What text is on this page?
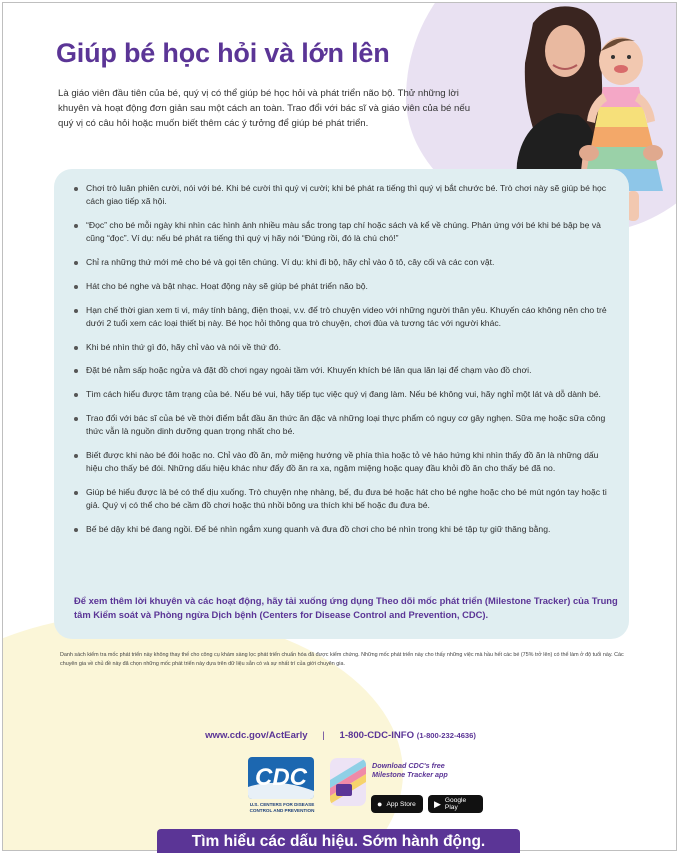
Giúp bé học hỏi và lớn lên

Là giáo viên đầu tiên của bé, quý vị có thể giúp bé học hỏi và phát triển não bộ. Thử những lời khuyên và hoạt động đơn giản sau một cách an toàn. Trao đổi với bác sĩ và giáo viên của bé nếu quý vị có câu hỏi hoặc muốn biết thêm các ý tưởng để giúp bé phát triển.

Chơi trò luân phiên cười, nói với bé. Khi bé cười thì quý vị cười; khi bé phát ra tiếng thì quý vị bắt chước bé. Trò chơi này sẽ giúp bé học cách giao tiếp xã hội.
“Đọc” cho bé mỗi ngày khi nhìn các hình ảnh nhiều màu sắc trong tạp chí hoặc sách và kể về chúng. Phản ứng với bé khi bé bập bẹ và cũng “đọc”. Ví dụ: nếu bé phát ra tiếng thì quý vị hãy nói “Đúng rồi, đó là chú chó!”
Chỉ ra những thứ mới mẻ cho bé và gọi tên chúng. Ví dụ: khi đi bộ, hãy chỉ vào ô tô, cây cối và các con vật.
Hát cho bé nghe và bật nhạc. Hoạt động này sẽ giúp bé phát triển não bộ.
Hạn chế thời gian xem ti vi, máy tính bảng, điện thoại, v.v. để trò chuyện video với những người thân yêu. Khuyến cáo không nên cho trẻ dưới 2 tuổi xem các loại thiết bị này. Bé học hỏi thông qua trò chuyện, chơi đùa và tương tác với người khác.
Khi bé nhìn thứ gì đó, hãy chỉ vào và nói về thứ đó.
Đặt bé nằm sấp hoặc ngửa và đặt đồ chơi ngay ngoài tầm với. Khuyến khích bé lăn qua lăn lại để chạm vào đồ chơi.
Tìm cách hiểu được tâm trạng của bé. Nếu bé vui, hãy tiếp tục việc quý vị đang làm. Nếu bé không vui, hãy nghỉ một lát và dỗ dành bé.
Trao đổi với bác sĩ của bé về thời điểm bắt đầu ăn thức ăn đặc và những loại thực phẩm có nguy cơ gây nghẹn. Sữa mẹ hoặc sữa công thức vẫn là nguồn dinh dưỡng quan trọng nhất cho bé.
Biết được khi nào bé đói hoặc no. Chỉ vào đồ ăn, mở miệng hướng về phía thìa hoặc tỏ vẻ háo hứng khi nhìn thấy đồ ăn là những dấu hiệu cho thấy bé đói. Những dấu hiệu khác như đẩy đồ ăn ra xa, ngậm miệng hoặc quay đầu khỏi đồ ăn cho thấy bé đã no.
Giúp bé hiểu được là bé có thể dịu xuống. Trò chuyện nhẹ nhàng, bế, đu đưa bé hoặc hát cho bé nghe hoặc cho bé mút ngón tay hoặc ti giả. Quý vị có thể cho bé cầm đồ chơi hoặc thú nhồi bông ưa thích khi bế hoặc đu đưa bé.
Bế bé dậy khi bé đang ngồi. Để bé nhìn ngắm xung quanh và đưa đồ chơi cho bé nhìn trong khi bé tập tự giữ thăng bằng.

Để xem thêm lời khuyên và các hoạt động, hãy tải xuống ứng dụng Theo dõi mốc phát triển (Milestone Tracker) của Trung tâm Kiểm soát và Phòng ngừa Dịch bệnh (Centers for Disease Control and Prevention, CDC).

Danh sách kiểm tra mốc phát triển này không thay thế cho công cụ khám sàng lọc phát triển chuẩn hóa đã được kiểm chứng. Những mốc phát triển này cho thấy những việc mà hầu hết các bé (75% trở lên) có thể làm ở độ tuổi này. Các chuyên gia về chủ đề này đã chọn những mốc phát triển này dựa trên dữ liệu sẵn có và sự nhất trí của giới chuyên gia.

www.cdc.gov/ActEarly | 1-800-CDC-INFO (1-800-232-4636)
CDC
U.S. CENTERS FOR DISEASE
CONTROL AND PREVENTION
Download CDC's free Milestone Tracker app
● App Store ▶ Google Play
Tìm hiểu các dấu hiệu. Sớm hành động.
